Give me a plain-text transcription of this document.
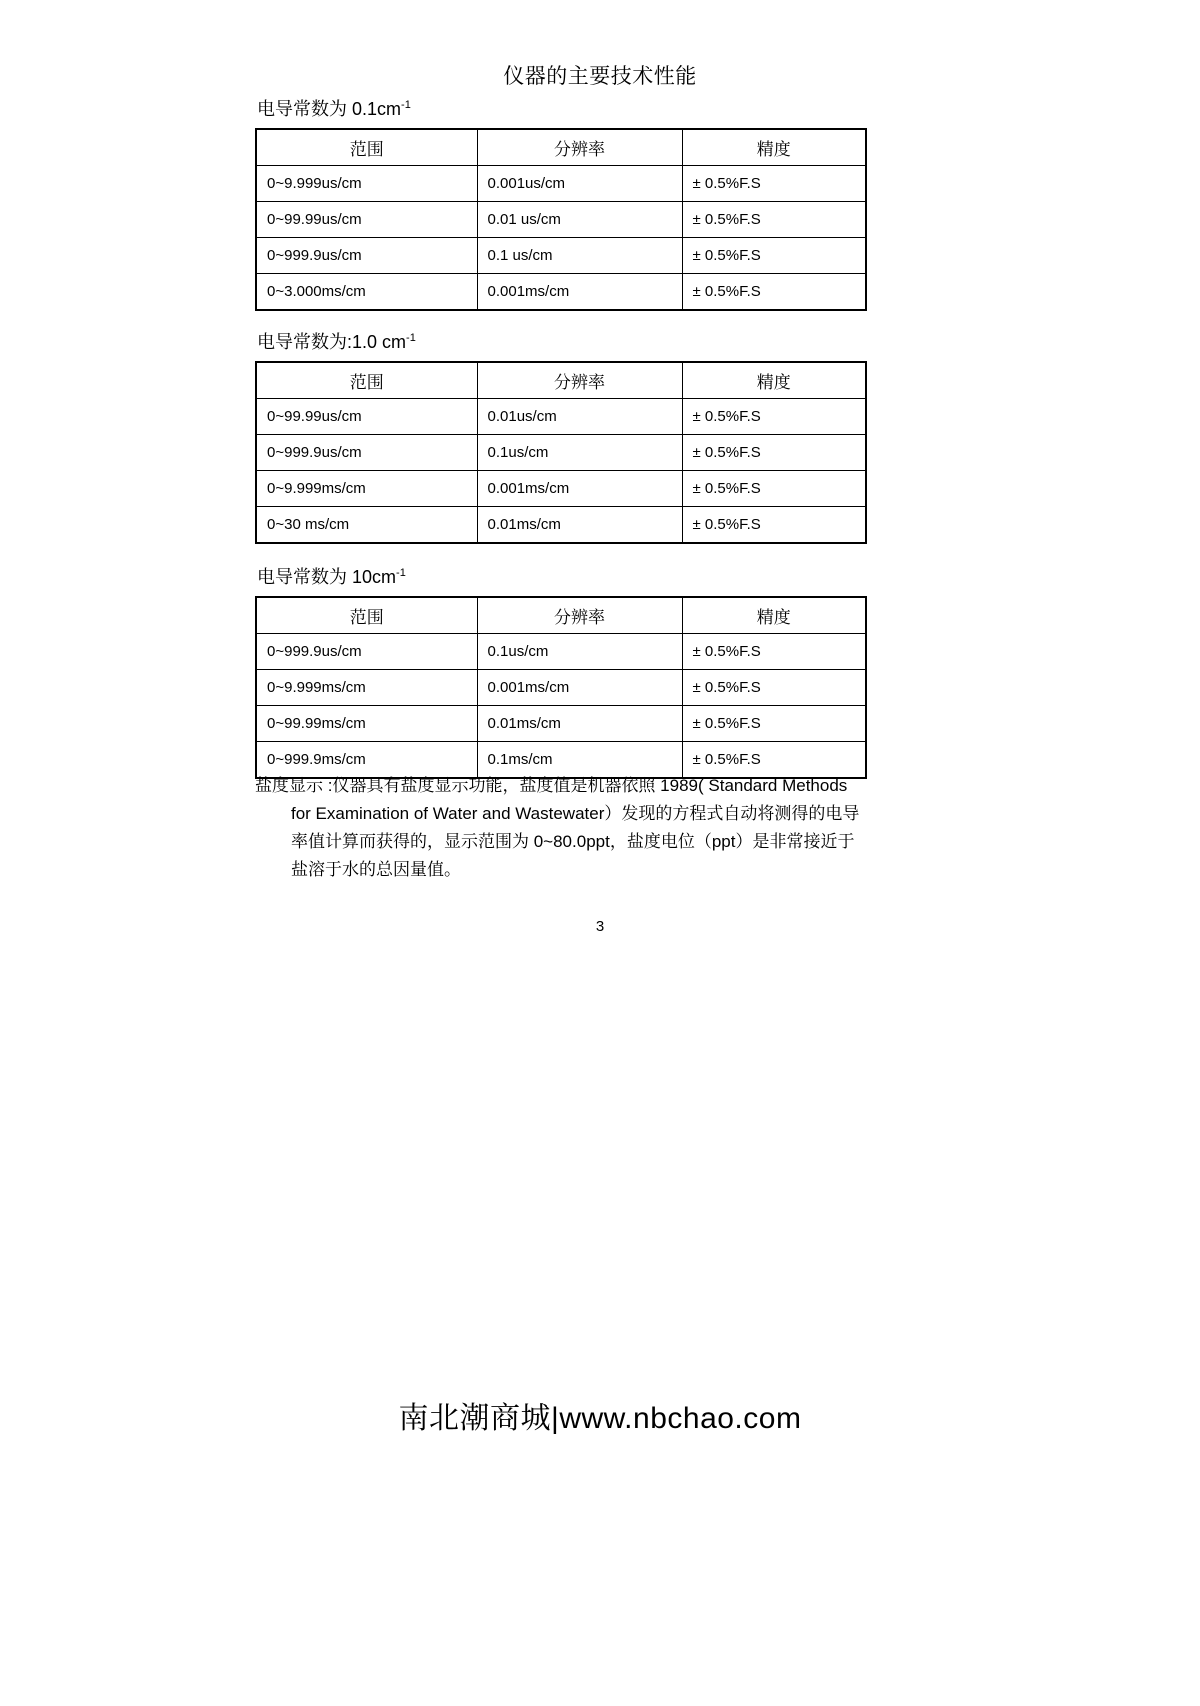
仪器的主要技术性能
电导常数为 $0.1cm^{-1}$
范围	分辨率	精度
0~9.999us/cm	0.001us/cm	± 0.5%F.S
0~99.99us/cm	0.01 us/cm	± 0.5%F.S
0~999.9us/cm	0.1 us/cm	± 0.5%F.S
0~3.000ms/cm	0.001ms/cm	± 0.5%F.S
电导常数为:1.0 $cm^{-1}$
范围	分辨率	精度
0~99.99us/cm	0.01us/cm	± 0.5%F.S
0~999.9us/cm	0.1us/cm	± 0.5%F.S
0~9.999ms/cm	0.001ms/cm	± 0.5%F.S
0~30 ms/cm	0.01ms/cm	± 0.5%F.S
电导常数为 $10cm^{-1}$
范围	分辨率	精度
0~999.9us/cm	0.1us/cm	± 0.5%F.S
0~9.999ms/cm	0.001ms/cm	± 0.5%F.S
0~99.99ms/cm	0.01ms/cm	± 0.5%F.S
0~999.9ms/cm	0.1ms/cm	± 0.5%F.S

盐度显示 :仪器具有盐度显示功能，盐度值是机器依照 1989( Standard Methods for Examination of Water and Wastewater）发现的方程式自动将测得的电导率值计算而获得的，显示范围为 0~80.0ppt，盐度电位（ppt）是非常接近于盐溶于水的总因量值。

3
南北潮商城|www.nbchao.com
